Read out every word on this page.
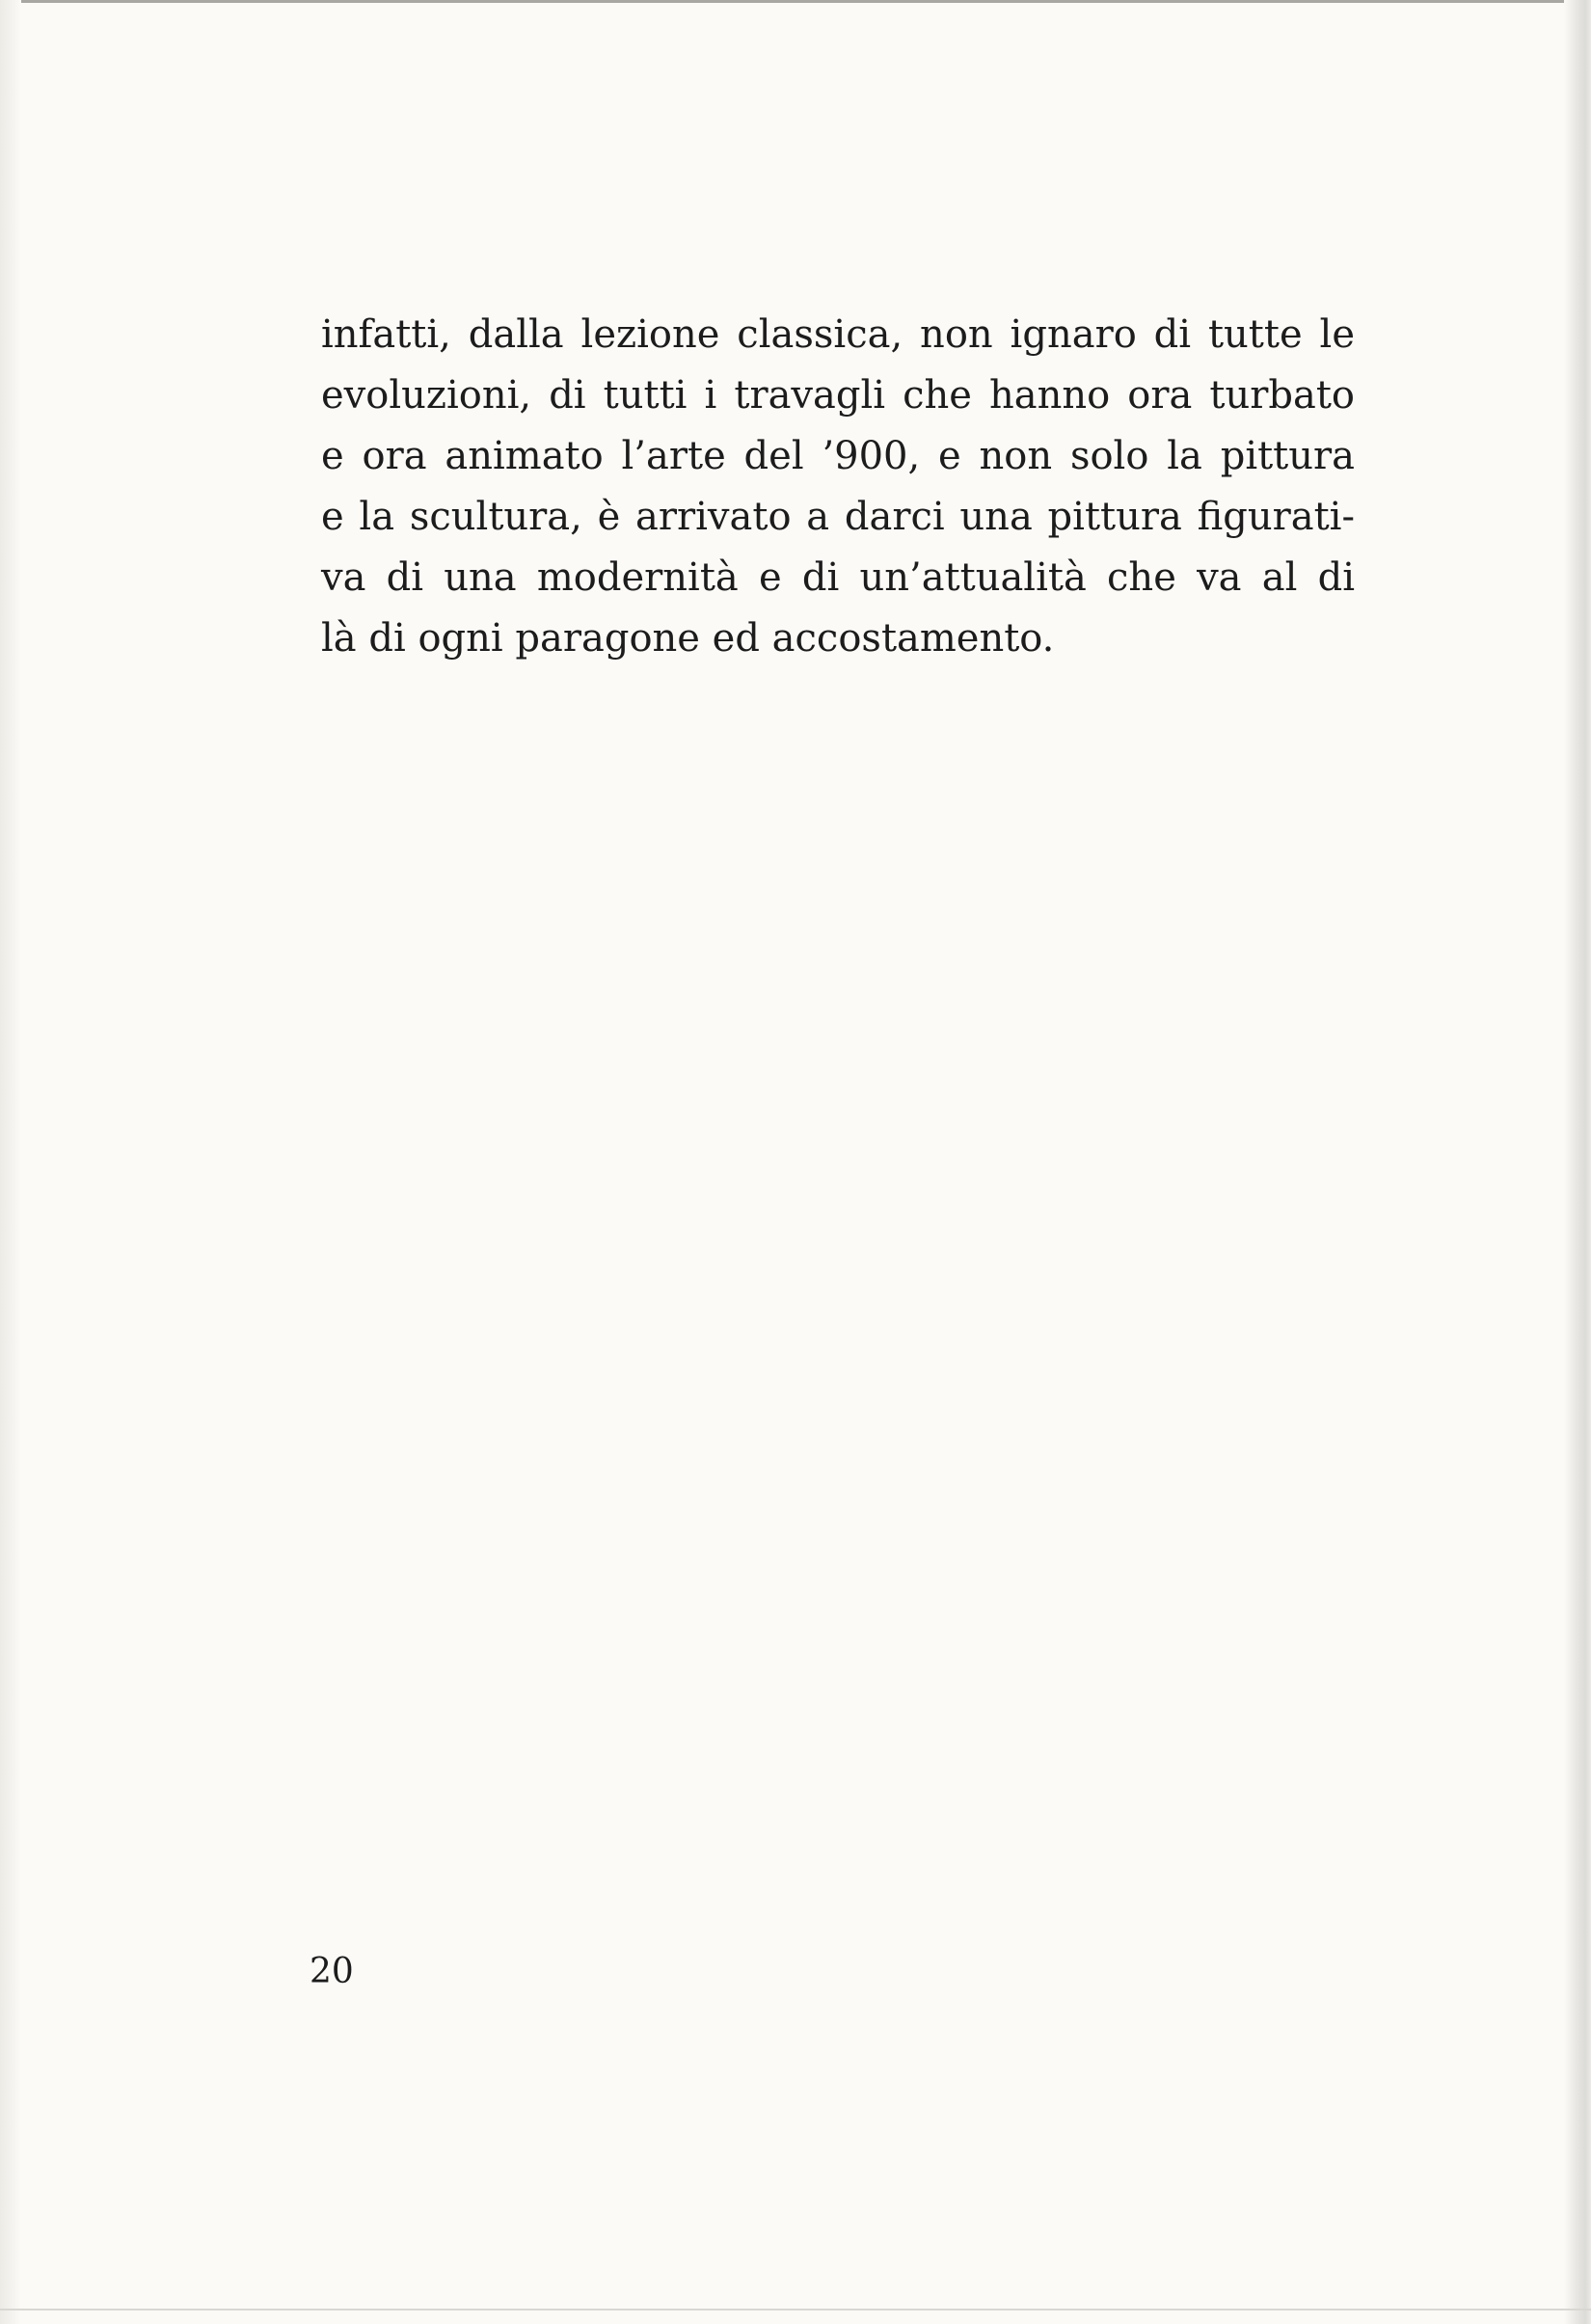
infatti, dalla lezione classica, non ignaro di tutte le
evoluzioni, di tutti i travagli che hanno ora turbato
e ora animato l’arte del ’900, e non solo la pittura
e la scultura, è arrivato a darci una pittura figurati-
va di una modernità e di un’attualità che va al di
là di ogni paragone ed accostamento.
20
